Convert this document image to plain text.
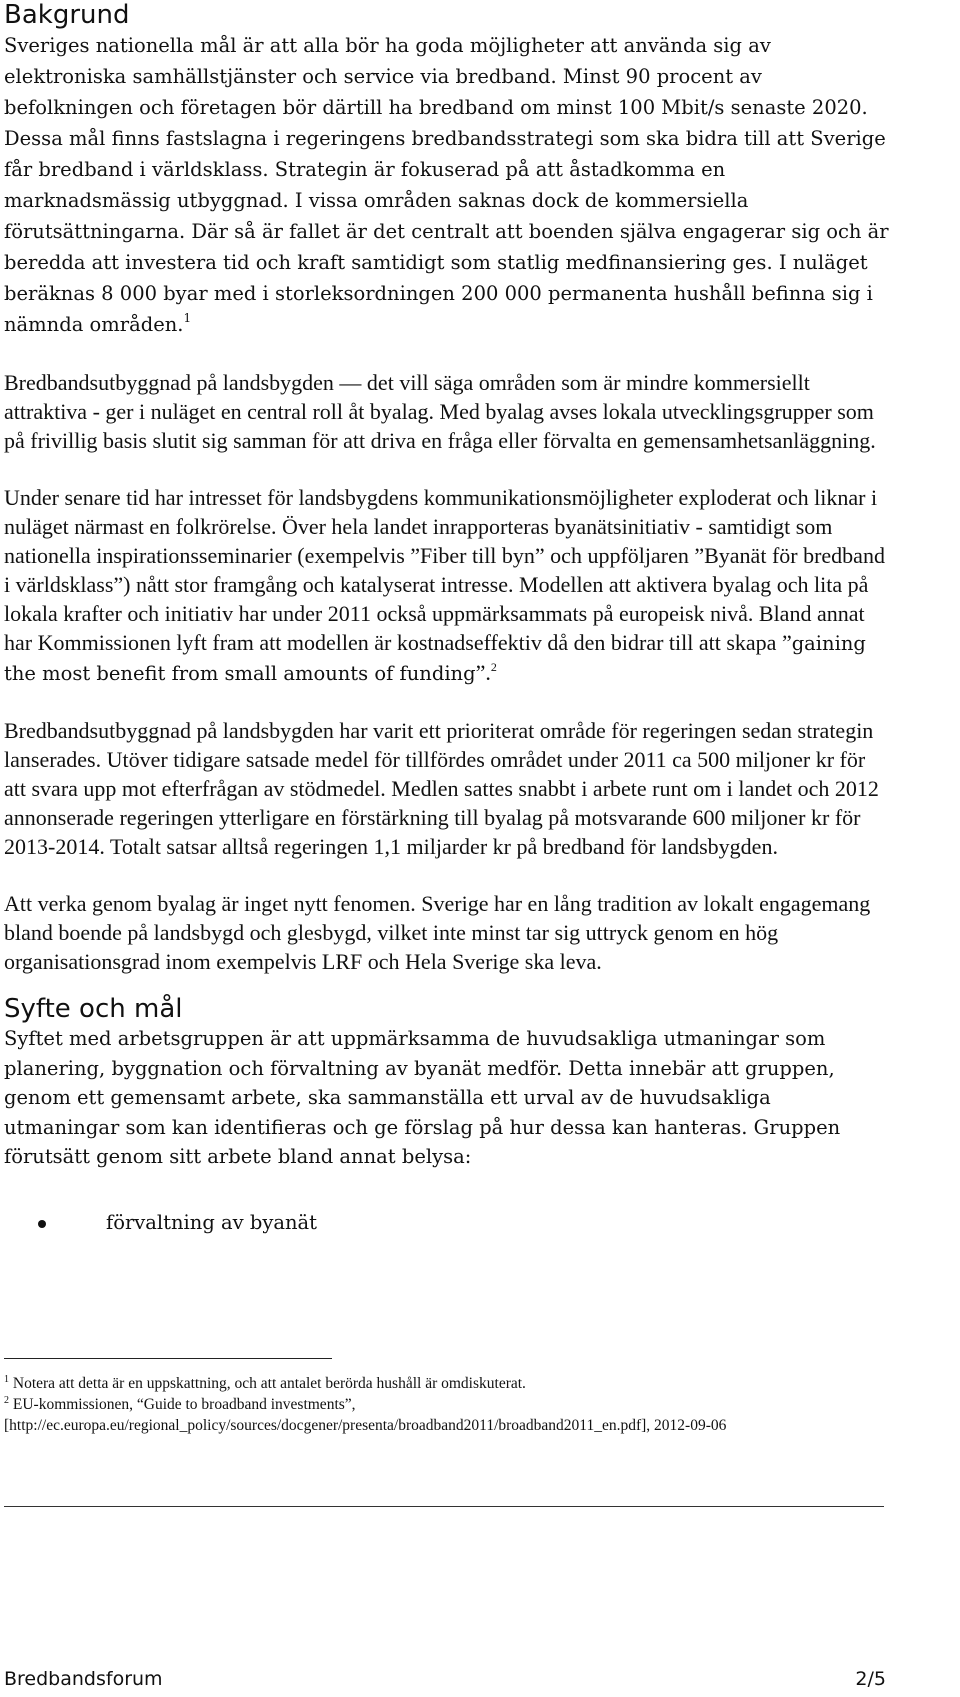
Bakgrund

Sveriges nationella mål är att alla bör ha goda möjligheter att använda sig av elektroniska samhällstjänster och service via bredband. Minst 90 procent av befolkningen och företagen bör därtill ha bredband om minst 100 Mbit/s senaste 2020. Dessa mål finns fastslagna i regeringens bredbandsstrategi som ska bidra till att Sverige får bredband i världsklass. Strategin är fokuserad på att åstadkomma en marknadsmässig utbyggnad. I vissa områden saknas dock de kommersiella förutsättningarna. Där så är fallet är det centralt att boenden själva engagerar sig och är beredda att investera tid och kraft samtidigt som statlig medfinansiering ges. I nuläget beräknas 8 000 byar med i storleksordningen 200 000 permanenta hushåll befinna sig i nämnda områden.$^1$

Bredbandsutbyggnad på landsbygden — det vill säga områden som är mindre kommersiellt attraktiva - ger i nuläget en central roll åt byalag. Med byalag avses lokala utvecklingsgrupper som på frivillig basis slutit sig samman för att driva en fråga eller förvalta en gemensamhetsanläggning.

Under senare tid har intresset för landsbygdens kommunikationsmöjligheter exploderat och liknar i nuläget närmast en folkrörelse. Över hela landet inrapporteras byanätsinitiativ - samtidigt som nationella inspirationsseminarier (exempelvis ”Fiber till byn” och uppföljaren ”Byanät för bredband i världsklass”) nått stor framgång och katalyserat intresse. Modellen att aktivera byalag och lita på lokala krafter och initiativ har under 2011 också uppmärksammats på europeisk nivå. Bland annat har Kommissionen lyft fram att modellen är kostnadseffektiv då den bidrar till att skapa ”gaining the most benefit from small amounts of funding”.$^2$

Bredbandsutbyggnad på landsbygden har varit ett prioriterat område för regeringen sedan strategin lanserades. Utöver tidigare satsade medel för tillfördes området under 2011 ca 500 miljoner kr för att svara upp mot efterfrågan av stödmedel. Medlen sattes snabbt i arbete runt om i landet och 2012 annonserade regeringen ytterligare en förstärkning till byalag på motsvarande 600 miljoner kr för 2013-2014. Totalt satsar alltså regeringen 1,1 miljarder kr på bredband för landsbygden.

Att verka genom byalag är inget nytt fenomen. Sverige har en lång tradition av lokalt engagemang bland boende på landsbygd och glesbygd, vilket inte minst tar sig uttryck genom en hög organisationsgrad inom exempelvis LRF och Hela Sverige ska leva.

Syfte och mål

Syftet med arbetsgruppen är att uppmärksamma de huvudsakliga utmaningar som planering, byggnation och förvaltning av byanät medför. Detta innebär att gruppen, genom ett gemensamt arbete, ska sammanställa ett urval av de huvudsakliga utmaningar som kan identifieras och ge förslag på hur dessa kan hanteras. Gruppen förutsätt genom sitt arbete bland annat belysa:

förvaltning av byanät

$^1$ Notera att detta är en uppskattning, och att antalet berörda hushåll är omdiskuterat.

$^2$ EU-kommissionen, “Guide to broadband investments”, [http://ec.europa.eu/regional_policy/sources/docgener/presenta/broadband2011/broadband2011_en.pdf], 2012-09-06

Bredbandsforum	2/5
